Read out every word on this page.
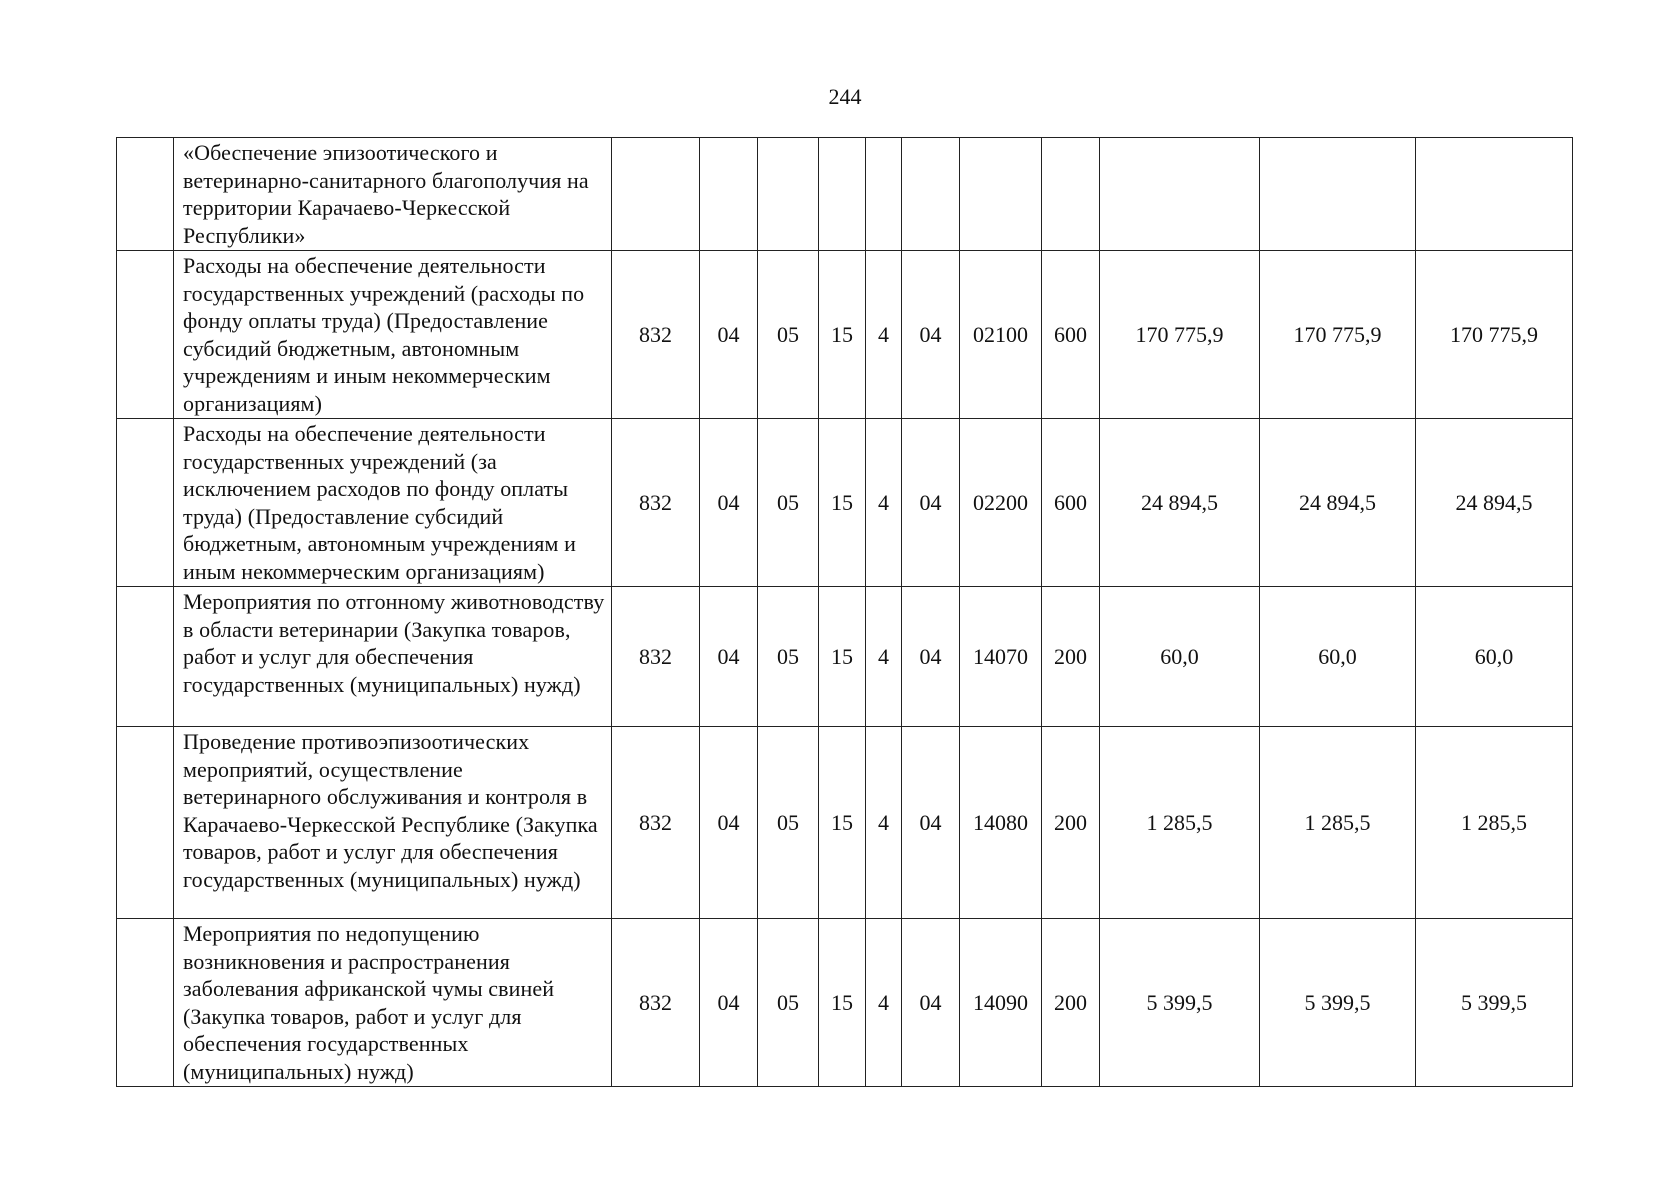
244
	«Обеспечение эпизоотического и ветеринарно-санитарного благополучия на территории Карачаево-Черкесской Республики»											
	Расходы на обеспечение деятельности государственных учреждений (расходы по фонду оплаты труда) (Предоставление субсидий бюджетным, автономным учреждениям и иным некоммерческим организациям)	832	04	05	15	4	04	02100	600	170 775,9	170 775,9	170 775,9
	Расходы на обеспечение деятельности государственных учреждений (за исключением расходов по фонду оплаты труда) (Предоставление субсидий бюджетным, автономным учреждениям и иным некоммерческим организациям)	832	04	05	15	4	04	02200	600	24 894,5	24 894,5	24 894,5
	Мероприятия по отгонному животноводству в области ветеринарии (Закупка товаров, работ и услуг для обеспечения государственных (муниципальных) нужд)	832	04	05	15	4	04	14070	200	60,0	60,0	60,0
	Проведение противоэпизоотических мероприятий, осуществление ветеринарного обслуживания и контроля в Карачаево-Черкесской Республике (Закупка товаров, работ и услуг для обеспечения государственных (муниципальных) нужд)	832	04	05	15	4	04	14080	200	1 285,5	1 285,5	1 285,5
	Мероприятия по недопущению возникновения и распространения заболевания африканской чумы свиней (Закупка товаров, работ и услуг для обеспечения государственных (муниципальных) нужд)	832	04	05	15	4	04	14090	200	5 399,5	5 399,5	5 399,5
